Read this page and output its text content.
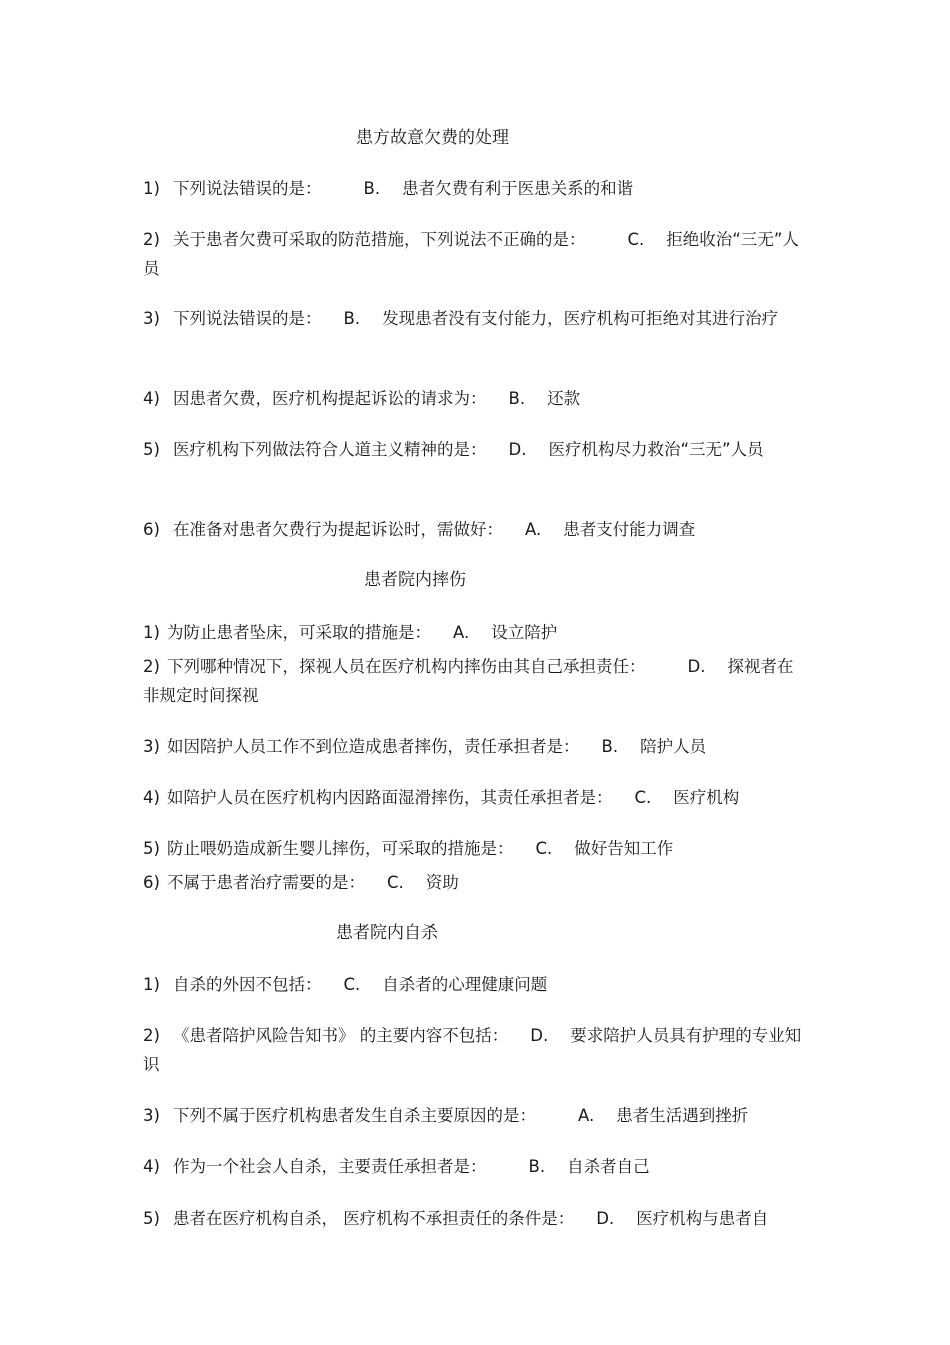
患方故意欠费的处理
1) 下列说法错误的是：	B. 患者欠费有利于医患关系的和谐
2) 关于患者欠费可采取的防范措施，下列说法不正确的是：	C. 拒绝收治“三无”人员
3) 下列说法错误的是： B. 发现患者没有支付能力，医疗机构可拒绝对其进行治疗
4) 因患者欠费，医疗机构提起诉讼的请求为： B. 还款
5) 医疗机构下列做法符合人道主义精神的是： D. 医疗机构尽力救治“三无”人员
6) 在准备对患者欠费行为提起诉讼时，需做好： A. 患者支付能力调查
患者院内摔伤
1) 为防止患者坠床，可采取的措施是： A. 设立陪护
2) 下列哪种情况下，探视人员在医疗机构内摔伤由其自己承担责任：	D. 探视者在非规定时间探视
3) 如因陪护人员工作不到位造成患者摔伤，责任承担者是： B. 陪护人员
4) 如陪护人员在医疗机构内因路面湿滑摔伤，其责任承担者是： C. 医疗机构
5) 防止喂奶造成新生婴儿摔伤，可采取的措施是： C. 做好告知工作
6) 不属于患者治疗需要的是： C. 资助
患者院内自杀
1) 自杀的外因不包括： C. 自杀者的心理健康问题
2) 《患者陪护风险告知书》 的主要内容不包括： D. 要求陪护人员具有护理的专业知识
3) 下列不属于医疗机构患者发生自杀主要原因的是：	A. 患者生活遇到挫折
4) 作为一个社会人自杀，主要责任承担者是：	B. 自杀者自己
5) 患者在医疗机构自杀， 医疗机构不承担责任的条件是： D. 医疗机构与患者自
